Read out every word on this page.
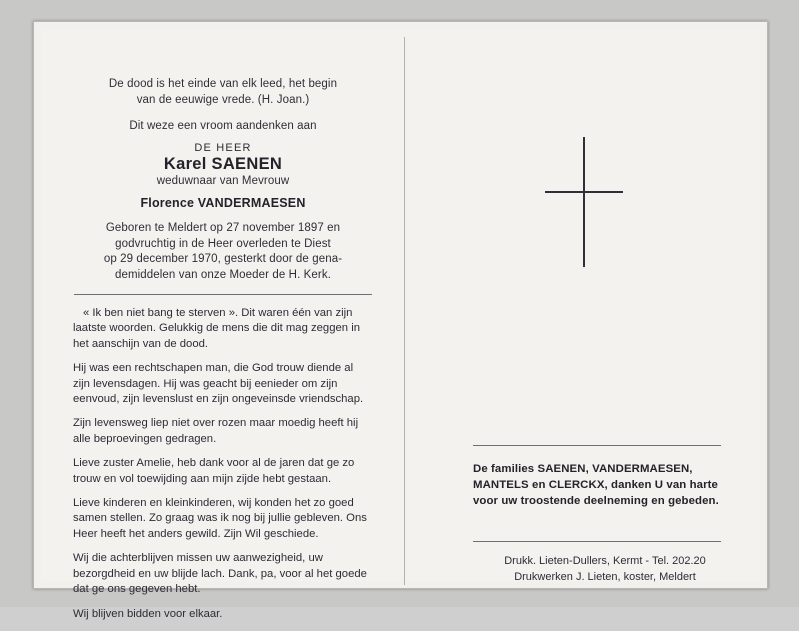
De dood is het einde van elk leed, het begin
van de eeuwige vrede. (H. Joan.)
Dit weze een vroom aandenken aan
DE HEER
Karel SAENEN
weduwnaar van Mevrouw
Florence VANDERMAESEN
Geboren te Meldert op 27 november 1897 en
godvruchtig in de Heer overleden te Diest
op 29 december 1970, gesterkt door de gena-
demiddelen van onze Moeder de H. Kerk.
« Ik ben niet bang te sterven ». Dit waren één van zijn laatste woorden. Gelukkig de mens die dit mag zeggen in het aanschijn van de dood.
Hij was een rechtschapen man, die God trouw diende al zijn levensdagen. Hij was geacht bij eenieder om zijn eenvoud, zijn levenslust en zijn ongeveinsde vriendschap.
Zijn levensweg liep niet over rozen maar moedig heeft hij alle beproevingen gedragen.
Lieve zuster Amelie, heb dank voor al de jaren dat ge zo trouw en vol toewijding aan mijn zijde hebt gestaan.
Lieve kinderen en kleinkinderen, wij konden het zo goed samen stellen. Zo graag was ik nog bij jullie gebleven. Ons Heer heeft het anders gewild. Zijn Wil geschiede.
Wij die achterblijven missen uw aanwezigheid, uw bezorgdheid en uw blijde lach. Dank, pa, voor al het goede dat ge ons gegeven hebt.
Wij blijven bidden voor elkaar.
De families SAENEN, VANDERMAESEN, MANTELS en CLERCKX, danken U van harte voor uw troostende deelneming en gebeden.
Drukk. Lieten-Dullers, Kermt - Tel. 202.20
Drukwerken J. Lieten, koster, Meldert
